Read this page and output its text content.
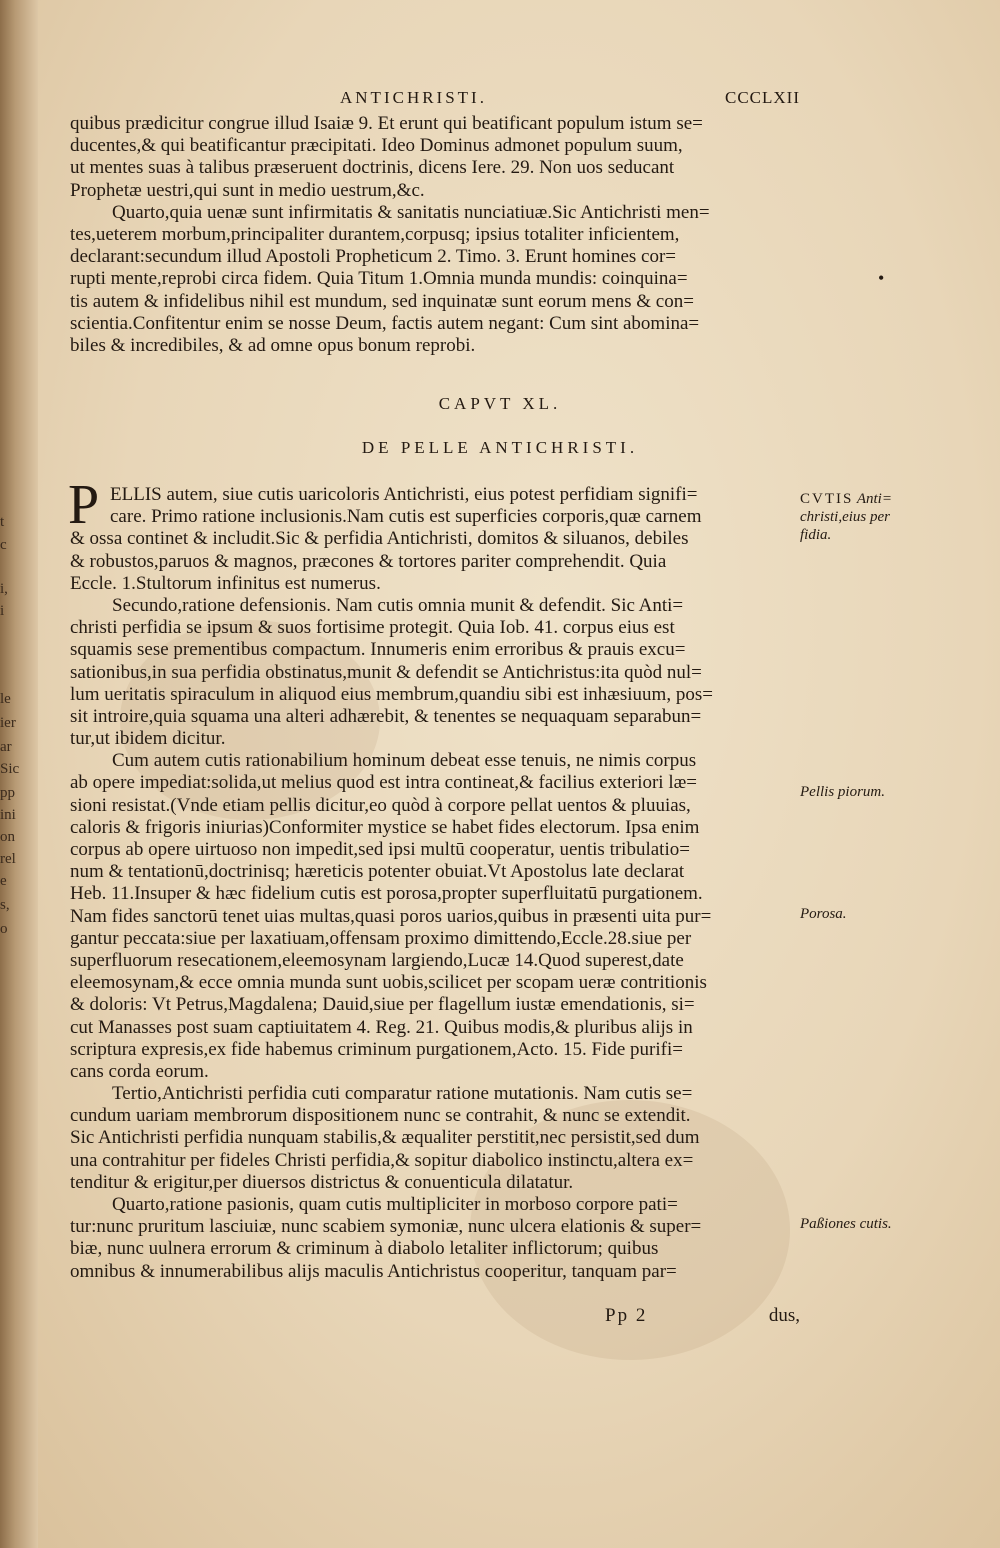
t
c
i,
i
le
ier
ar
Sic
pp
ini
on
rel
e
s,
o
ANTICHRISTI.	CCCLXII
quibus prædicitur congrue illud Isaiæ 9. Et erunt qui beatificant populum istum se=
ducentes,& qui beatificantur præcipitati. Ideo Dominus admonet populum suum,
ut mentes suas à talibus præseruent doctrinis, dicens Iere. 29. Non uos seducant
Prophetæ uestri,qui sunt in medio uestrum,&c.
Quarto,quia uenæ sunt infirmitatis & sanitatis nunciatiuæ.Sic Antichristi men=
tes,ueterem morbum,principaliter durantem,corpusq; ipsius totaliter inficientem,
declarant:secundum illud Apostoli Propheticum 2. Timo. 3. Erunt homines cor=
rupti mente,reprobi circa fidem. Quia Titum 1.Omnia munda mundis: coinquina=
tis autem & infidelibus nihil est mundum, sed inquinatæ sunt eorum mens & con=
scientia.Confitentur enim se nosse Deum, factis autem negant: Cum sint abomina=
biles & incredibiles, & ad omne opus bonum reprobi.
•
CAPVT XL.
DE PELLE ANTICHRISTI.
P ELLIS autem, siue cutis uaricoloris Antichristi, eius potest perfidiam signifi=
care. Primo ratione inclusionis.Nam cutis est superficies corporis,quæ carnem
& ossa continet & includit.Sic & perfidia Antichristi, domitos & siluanos, debiles
& robustos,paruos & magnos, præcones & tortores pariter comprehendit. Quia
Eccle. 1.Stultorum infinitus est numerus.
Secundo,ratione defensionis. Nam cutis omnia munit & defendit. Sic Anti=
christi perfidia se ipsum & suos fortisime protegit. Quia Iob. 41. corpus eius est
squamis sese prementibus compactum. Innumeris enim erroribus & prauis excu=
sationibus,in sua perfidia obstinatus,munit & defendit se Antichristus:ita quòd nul=
lum ueritatis spiraculum in aliquod eius membrum,quandiu sibi est inhæsiuum, pos=
sit introire,quia squama una alteri adhærebit, & tenentes se nequaquam separabun=
tur,ut ibidem dicitur.
Cum autem cutis rationabilium hominum debeat esse tenuis, ne nimis corpus
ab opere impediat:solida,ut melius quod est intra contineat,& facilius exteriori læ=
sioni resistat.(Vnde etiam pellis dicitur,eo quòd à corpore pellat uentos & pluuias,
caloris & frigoris iniurias)Conformiter mystice se habet fides electorum. Ipsa enim
corpus ab opere uirtuoso non impedit,sed ipsi multū cooperatur, uentis tribulatio=
num & tentationū,doctrinisq; hæreticis potenter obuiat.Vt Apostolus late declarat
Heb. 11.Insuper & hæc fidelium cutis est porosa,propter superfluitatū purgationem.
Nam fides sanctorū tenet uias multas,quasi poros uarios,quibus in præsenti uita pur=
gantur peccata:siue per laxatiuam,offensam proximo dimittendo,Eccle.28.siue per
superfluorum resecationem,eleemosynam largiendo,Lucæ 14.Quod superest,date
eleemosynam,& ecce omnia munda sunt uobis,scilicet per scopam ueræ contritionis
& doloris: Vt Petrus,Magdalena; Dauid,siue per flagellum iustæ emendationis, si=
cut Manasses post suam captiuitatem 4. Reg. 21. Quibus modis,& pluribus alijs in
scriptura expresis,ex fide habemus criminum purgationem,Acto. 15. Fide purifi=
cans corda eorum.
Tertio,Antichristi perfidia cuti comparatur ratione mutationis. Nam cutis se=
cundum uariam membrorum dispositionem nunc se contrahit, & nunc se extendit.
Sic Antichristi perfidia nunquam stabilis,& æqualiter perstitit,nec persistit,sed dum
una contrahitur per fideles Christi perfidia,& sopitur diabolico instinctu,altera ex=
tenditur & erigitur,per diuersos districtus & conuenticula dilatatur.
Quarto,ratione pasionis, quam cutis multipliciter in morboso corpore pati=
tur:nunc pruritum lasciuiæ, nunc scabiem symoniæ, nunc ulcera elationis & super=
biæ, nunc uulnera errorum & criminum à diabolo letaliter inflictorum; quibus
omnibus & innumerabilibus alijs maculis Antichristus cooperitur, tanquam par=
CVTIS Anti=
christi,eius per
fidia.
Pellis piorum.
Porosa.
Paßiones cutis.
Pp 2	dus,
